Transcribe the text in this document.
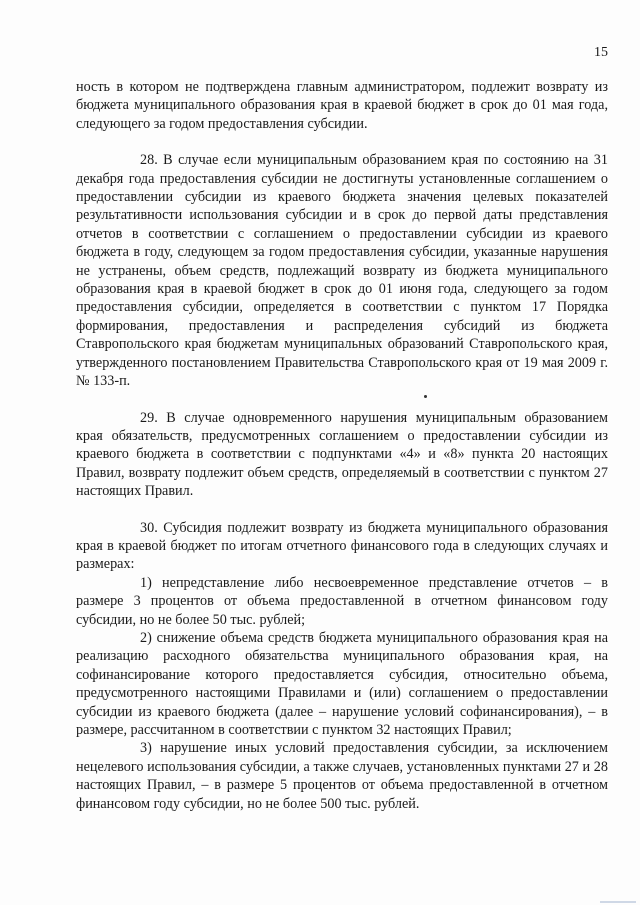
15

ность в котором не подтверждена главным администратором, подлежит возврату из бюджета муниципального образования края в краевой бюджет в срок до 01 мая года, следующего за годом предоставления субсидии.

28. В случае если муниципальным образованием края по состоянию на 31 декабря года предоставления субсидии не достигнуты установленные соглашением о предоставлении субсидии из краевого бюджета значения целевых показателей результативности использования субсидии и в срок до первой даты представления отчетов в соответствии с соглашением о предоставлении субсидии из краевого бюджета в году, следующем за годом предоставления субсидии, указанные нарушения не устранены, объем средств, подлежащий возврату из бюджета муниципального образования края в краевой бюджет в срок до 01 июня года, следующего за годом предоставления субсидии, определяется в соответствии с пунктом 17 Порядка формирования, предоставления и распределения субсидий из бюджета Ставропольского края бюджетам муниципальных образований Ставропольского края, утвержденного постановлением Правительства Ставропольского края от 19 мая 2009 г. № 133-п.

29. В случае одновременного нарушения муниципальным образованием края обязательств, предусмотренных соглашением о предоставлении субсидии из краевого бюджета в соответствии с подпунктами «4» и «8» пункта 20 настоящих Правил, возврату подлежит объем средств, определяемый в соответствии с пунктом 27 настоящих Правил.

30. Субсидия подлежит возврату из бюджета муниципального образования края в краевой бюджет по итогам отчетного финансового года в следующих случаях и размерах:

1) непредставление либо несвоевременное представление отчетов – в размере 3 процентов от объема предоставленной в отчетном финансовом году субсидии, но не более 50 тыс. рублей;

2) снижение объема средств бюджета муниципального образования края на реализацию расходного обязательства муниципального образования края, на софинансирование которого предоставляется субсидия, относительно объема, предусмотренного настоящими Правилами и (или) соглашением о предоставлении субсидии из краевого бюджета (далее – нарушение условий софинансирования), – в размере, рассчитанном в соответствии с пунктом 32 настоящих Правил;

3) нарушение иных условий предоставления субсидии, за исключением нецелевого использования субсидии, а также случаев, установленных пунктами 27 и 28 настоящих Правил, – в размере 5 процентов от объема предоставленной в отчетном финансовом году субсидии, но не более 500 тыс. рублей.
